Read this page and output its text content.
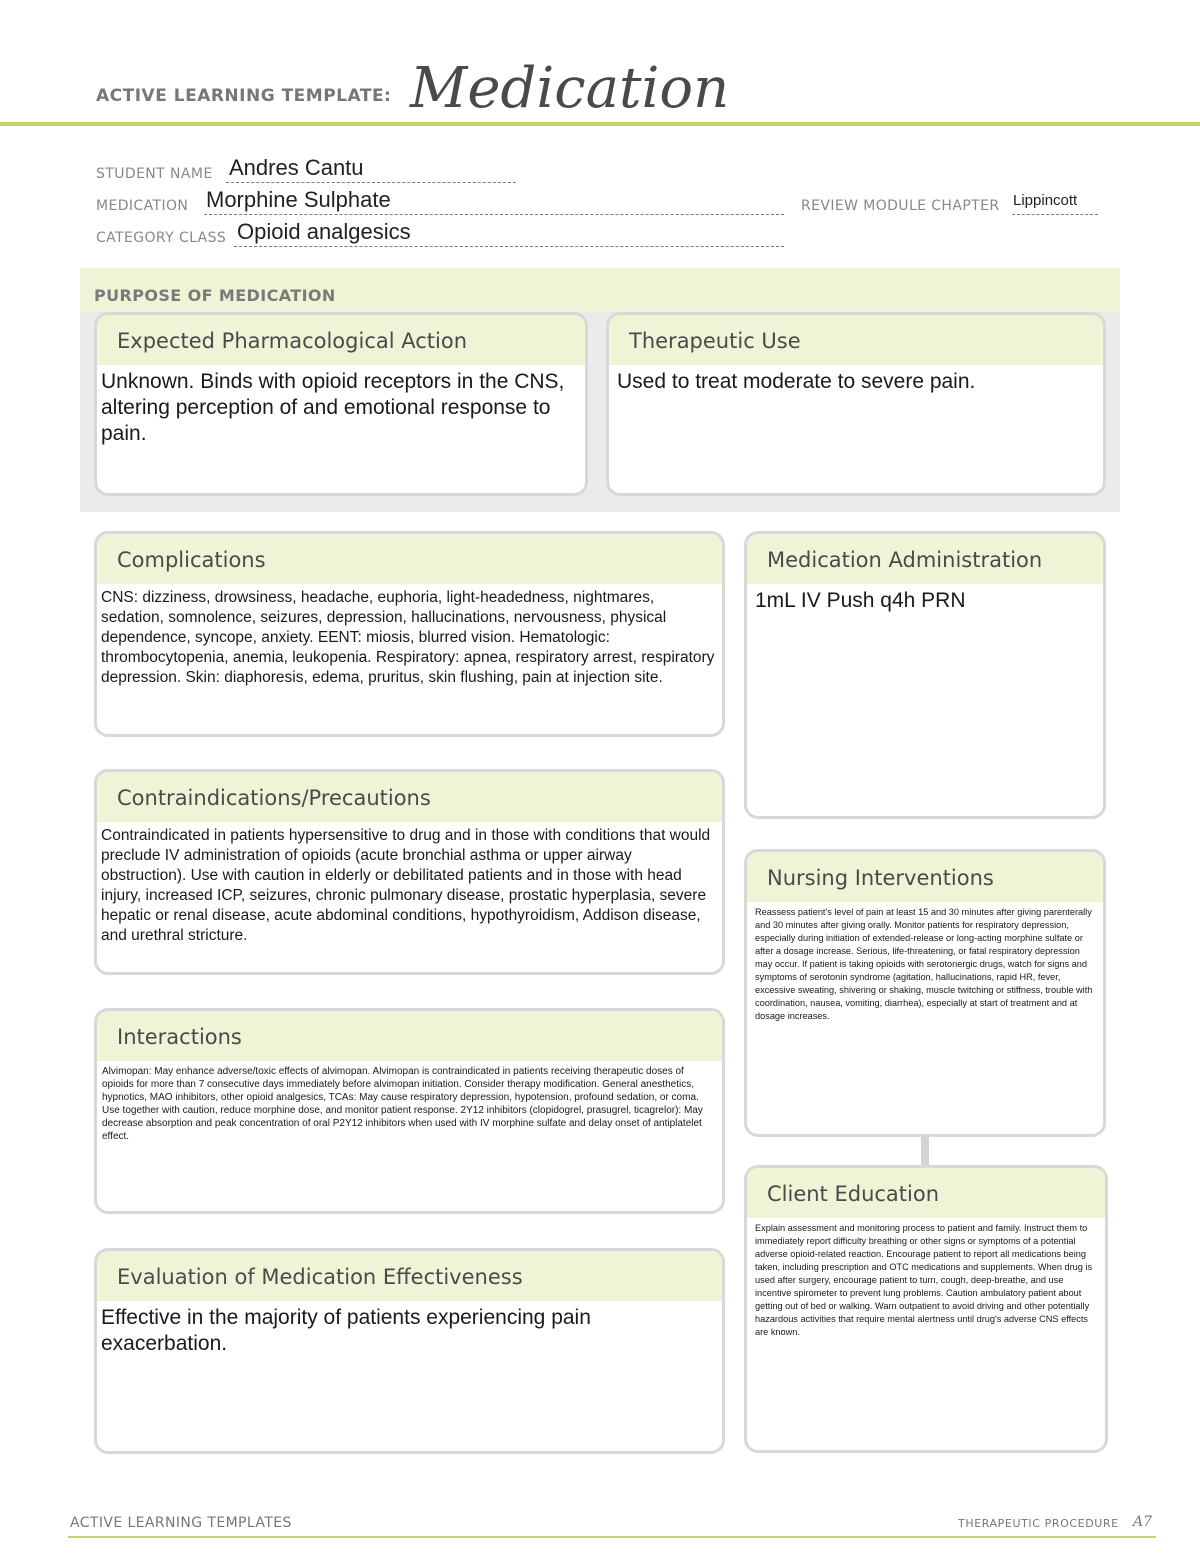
ACTIVE LEARNING TEMPLATE: Medication
STUDENT NAME Andres Cantu
MEDICATION Morphine Sulphate	REVIEW MODULE CHAPTER Lippincott
CATEGORY CLASS Opioid analgesics
PURPOSE OF MEDICATION
Expected Pharmacological Action
Unknown. Binds with opioid receptors in the CNS, altering perception of and emotional response to pain.
Therapeutic Use
Used to treat moderate to severe pain.
Complications
CNS: dizziness, drowsiness, headache, euphoria, light-headedness, nightmares, sedation, somnolence, seizures, depression, hallucinations, nervousness, physical dependence, syncope, anxiety. EENT: miosis, blurred vision. Hematologic: thrombocytopenia, anemia, leukopenia. Respiratory: apnea, respiratory arrest, respiratory depression. Skin: diaphoresis, edema, pruritus, skin flushing, pain at injection site.
Medication Administration
1mL IV Push q4h PRN
Contraindications/Precautions
Contraindicated in patients hypersensitive to drug and in those with conditions that would preclude IV administration of opioids (acute bronchial asthma or upper airway obstruction). Use with caution in elderly or debilitated patients and in those with head injury, increased ICP, seizures, chronic pulmonary disease, prostatic hyperplasia, severe hepatic or renal disease, acute abdominal conditions, hypothyroidism, Addison disease, and urethral stricture.
Nursing Interventions
Reassess patient's level of pain at least 15 and 30 minutes after giving parenterally and 30 minutes after giving orally. Monitor patients for respiratory depression, especially during initiation of extended-release or long-acting morphine sulfate or after a dosage increase. Serious, life-threatening, or fatal respiratory depression may occur. If patient is taking opioids with serotonergic drugs, watch for signs and symptoms of serotonin syndrome (agitation, hallucinations, rapid HR, fever, excessive sweating, shivering or shaking, muscle twitching or stiffness, trouble with coordination, nausea, vomiting, diarrhea), especially at start of treatment and at dosage increases.
Interactions
Alvimopan: May enhance adverse/toxic effects of alvimopan. Alvimopan is contraindicated in patients receiving therapeutic doses of opioids for more than 7 consecutive days immediately before alvimopan initiation. Consider therapy modification. General anesthetics, hypnotics, MAO inhibitors, other opioid analgesics, TCAs: May cause respiratory depression, hypotension, profound sedation, or coma. Use together with caution, reduce morphine dose, and monitor patient response. 2Y12 inhibitors (clopidogrel, prasugrel, ticagrelor): May decrease absorption and peak concentration of oral P2Y12 inhibitors when used with IV morphine sulfate and delay onset of antiplatelet effect.
Client Education
Explain assessment and monitoring process to patient and family. Instruct them to immediately report difficulty breathing or other signs or symptoms of a potential adverse opioid-related reaction. Encourage patient to report all medications being taken, including prescription and OTC medications and supplements. When drug is used after surgery, encourage patient to turn, cough, deep-breathe, and use incentive spirometer to prevent lung problems. Caution ambulatory patient about getting out of bed or walking. Warn outpatient to avoid driving and other potentially hazardous activities that require mental alertness until drug's adverse CNS effects are known.
Evaluation of Medication Effectiveness
Effective in the majority of patients experiencing pain exacerbation.
ACTIVE LEARNING TEMPLATES	THERAPEUTIC PROCEDURE A7
